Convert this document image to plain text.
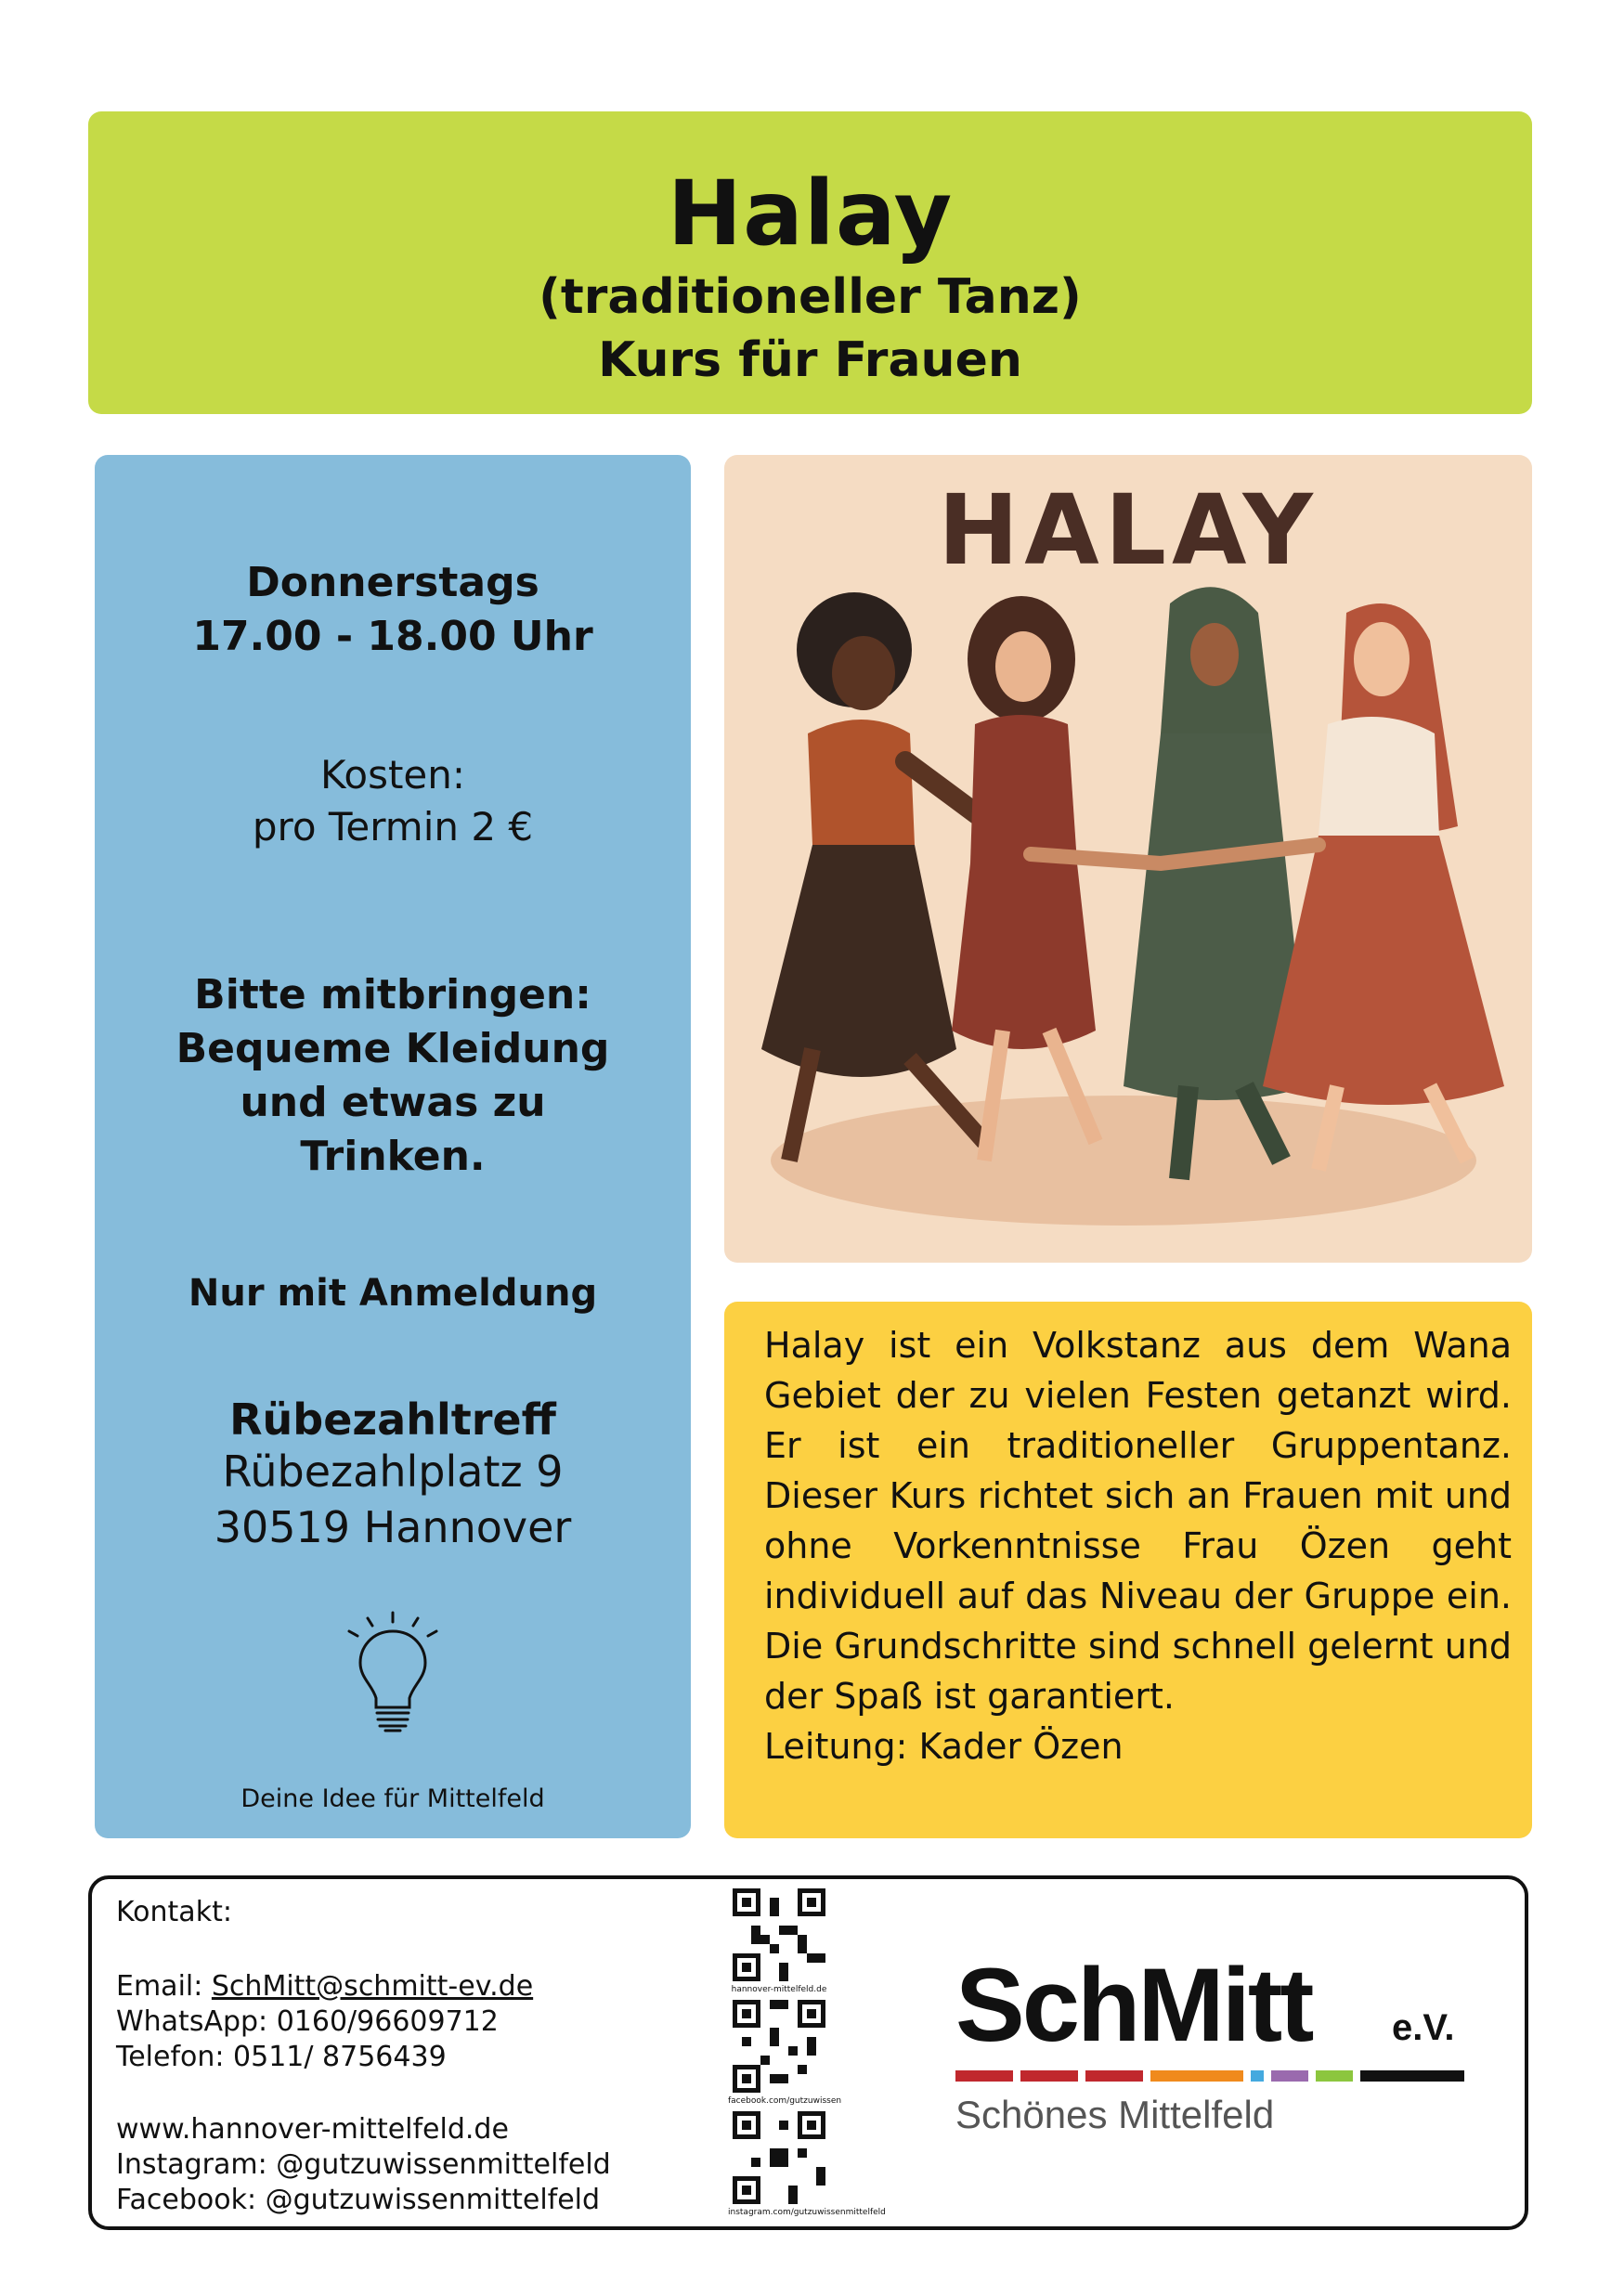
Halay
(traditioneller Tanz)
Kurs für Frauen
Donnerstags
17.00 - 18.00 Uhr
Kosten:
pro Termin 2 €
Bitte mitbringen:
Bequeme Kleidung
und etwas zu
Trinken.
Nur mit Anmeldung
Rübezahltreff
Rübezahlplatz 9
30519 Hannover
Deine Idee für Mittelfeld
HALAY

Halay ist ein Volkstanz aus dem Wana Gebiet der zu vielen Festen getanzt wird. Er ist ein traditioneller Gruppentanz. Dieser Kurs richtet sich an Frauen mit und ohne Vorkenntnisse Frau Özen geht individuell auf das Niveau der Gruppe ein. Die Grundschritte sind schnell gelernt und der Spaß ist garantiert.

Leitung: Kader Özen

Kontakt:
Email: SchMitt@schmitt-ev.de
WhatsApp: 0160/96609712
Telefon: 0511/ 8756439
www.hannover-mittelfeld.de
Instagram: @gutzuwissenmittelfeld
Facebook: @gutzuwissenmittelfeld
hannover-mittelfeld.de
facebook.com/gutzuwissen
instagram.com/gutzuwissenmittelfeld
SchMitt e.V.
Schönes Mittelfeld
